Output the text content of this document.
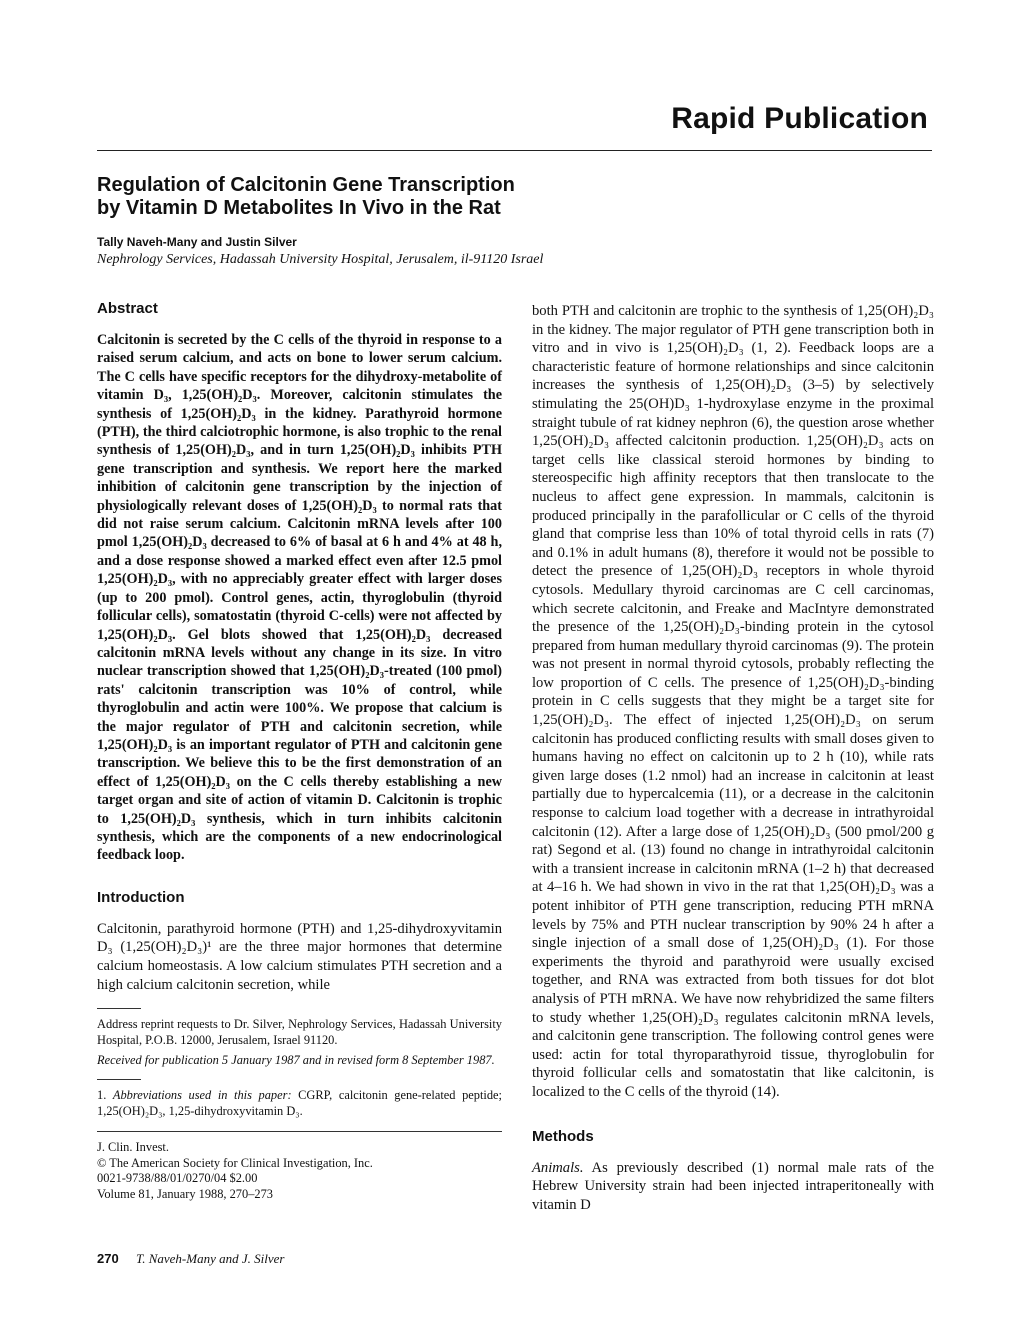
Rapid Publication
Regulation of Calcitonin Gene Transcription
by Vitamin D Metabolites In Vivo in the Rat
Tally Naveh-Many and Justin Silver
Nephrology Services, Hadassah University Hospital, Jerusalem, il-91120 Israel
Abstract

Calcitonin is secreted by the C cells of the thyroid in response to a raised serum calcium, and acts on bone to lower serum calcium. The C cells have specific receptors for the dihydroxy-metabolite of vitamin D₃, 1,25(OH)₂D₃. Moreover, calcitonin stimulates the synthesis of 1,25(OH)₂D₃ in the kidney. Parathyroid hormone (PTH), the third calciotrophic hormone, is also trophic to the renal synthesis of 1,25(OH)₂D₃, and in turn 1,25(OH)₂D₃ inhibits PTH gene transcription and synthesis. We report here the marked inhibition of calcitonin gene transcription by the injection of physiologically relevant doses of 1,25(OH)₂D₃ to normal rats that did not raise serum calcium. Calcitonin mRNA levels after 100 pmol 1,25(OH)₂D₃ decreased to 6% of basal at 6 h and 4% at 48 h, and a dose response showed a marked effect even after 12.5 pmol 1,25(OH)₂D₃, with no appreciably greater effect with larger doses (up to 200 pmol). Control genes, actin, thyroglobulin (thyroid follicular cells), somatostatin (thyroid C-cells) were not affected by 1,25(OH)₂D₃. Gel blots showed that 1,25(OH)₂D₃ decreased calcitonin mRNA levels without any change in its size. In vitro nuclear transcription showed that 1,25(OH)₂D₃-treated (100 pmol) rats' calcitonin transcription was 10% of control, while thyroglobulin and actin were 100%. We propose that calcium is the major regulator of PTH and calcitonin secretion, while 1,25(OH)₂D₃ is an important regulator of PTH and calcitonin gene transcription. We believe this to be the first demonstration of an effect of 1,25(OH)₂D₃ on the C cells thereby establishing a new target organ and site of action of vitamin D. Calcitonin is trophic to 1,25(OH)₂D₃ synthesis, which in turn inhibits calcitonin synthesis, which are the components of a new endocrinological feedback loop.

Introduction

Calcitonin, parathyroid hormone (PTH) and 1,25-dihydroxyvitamin D₃ (1,25(OH)₂D₃)¹ are the three major hormones that determine calcium homeostasis. A low calcium stimulates PTH secretion and a high calcium calcitonin secretion, while

Address reprint requests to Dr. Silver, Nephrology Services, Hadassah University Hospital, P.O.B. 12000, Jerusalem, Israel 91120.

Received for publication 5 January 1987 and in revised form 8 September 1987.

1. Abbreviations used in this paper: CGRP, calcitonin gene-related peptide; 1,25(OH)₂D₃, 1,25-dihydroxyvitamin D₃.

J. Clin. Invest.
© The American Society for Clinical Investigation, Inc.
0021-9738/88/01/0270/04 $2.00
Volume 81, January 1988, 270–273

both PTH and calcitonin are trophic to the synthesis of 1,25(OH)₂D₃ in the kidney. The major regulator of PTH gene transcription both in vitro and in vivo is 1,25(OH)₂D₃ (1, 2). Feedback loops are a characteristic feature of hormone relationships and since calcitonin increases the synthesis of 1,25(OH)₂D₃ (3–5) by selectively stimulating the 25(OH)D₃ 1-hydroxylase enzyme in the proximal straight tubule of rat kidney nephron (6), the question arose whether 1,25(OH)₂D₃ affected calcitonin production. 1,25(OH)₂D₃ acts on target cells like classical steroid hormones by binding to stereospecific high affinity receptors that then translocate to the nucleus to affect gene expression. In mammals, calcitonin is produced principally in the parafollicular or C cells of the thyroid gland that comprise less than 10% of total thyroid cells in rats (7) and 0.1% in adult humans (8), therefore it would not be possible to detect the presence of 1,25(OH)₂D₃ receptors in whole thyroid cytosols. Medullary thyroid carcinomas are C cell carcinomas, which secrete calcitonin, and Freake and MacIntyre demonstrated the presence of the 1,25(OH)₂D₃-binding protein in the cytosol prepared from human medullary thyroid carcinomas (9). The protein was not present in normal thyroid cytosols, probably reflecting the low proportion of C cells. The presence of 1,25(OH)₂D₃-binding protein in C cells suggests that they might be a target site for 1,25(OH)₂D₃. The effect of injected 1,25(OH)₂D₃ on serum calcitonin has produced conflicting results with small doses given to humans having no effect on calcitonin up to 2 h (10), while rats given large doses (1.2 nmol) had an increase in calcitonin at least partially due to hypercalcemia (11), or a decrease in the calcitonin response to calcium load together with a decrease in intrathyroidal calcitonin (12). After a large dose of 1,25(OH)₂D₃ (500 pmol/200 g rat) Segond et al. (13) found no change in intrathyroidal calcitonin with a transient increase in calcitonin mRNA (1–2 h) that decreased at 4–16 h. We had shown in vivo in the rat that 1,25(OH)₂D₃ was a potent inhibitor of PTH gene transcription, reducing PTH mRNA levels by 75% and PTH nuclear transcription by 90% 24 h after a single injection of a small dose of 1,25(OH)₂D₃ (1). For those experiments the thyroid and parathyroid were usually excised together, and RNA was extracted from both tissues for dot blot analysis of PTH mRNA. We have now rehybridized the same filters to study whether 1,25(OH)₂D₃ regulates calcitonin mRNA levels, and calcitonin gene transcription. The following control genes were used: actin for total thyroparathyroid tissue, thyroglobulin for thyroid follicular cells and somatostatin that like calcitonin, is localized to the C cells of the thyroid (14).

Methods

Animals. As previously described (1) normal male rats of the Hebrew University strain had been injected intraperitoneally with vitamin D

270 T. Naveh-Many and J. Silver
